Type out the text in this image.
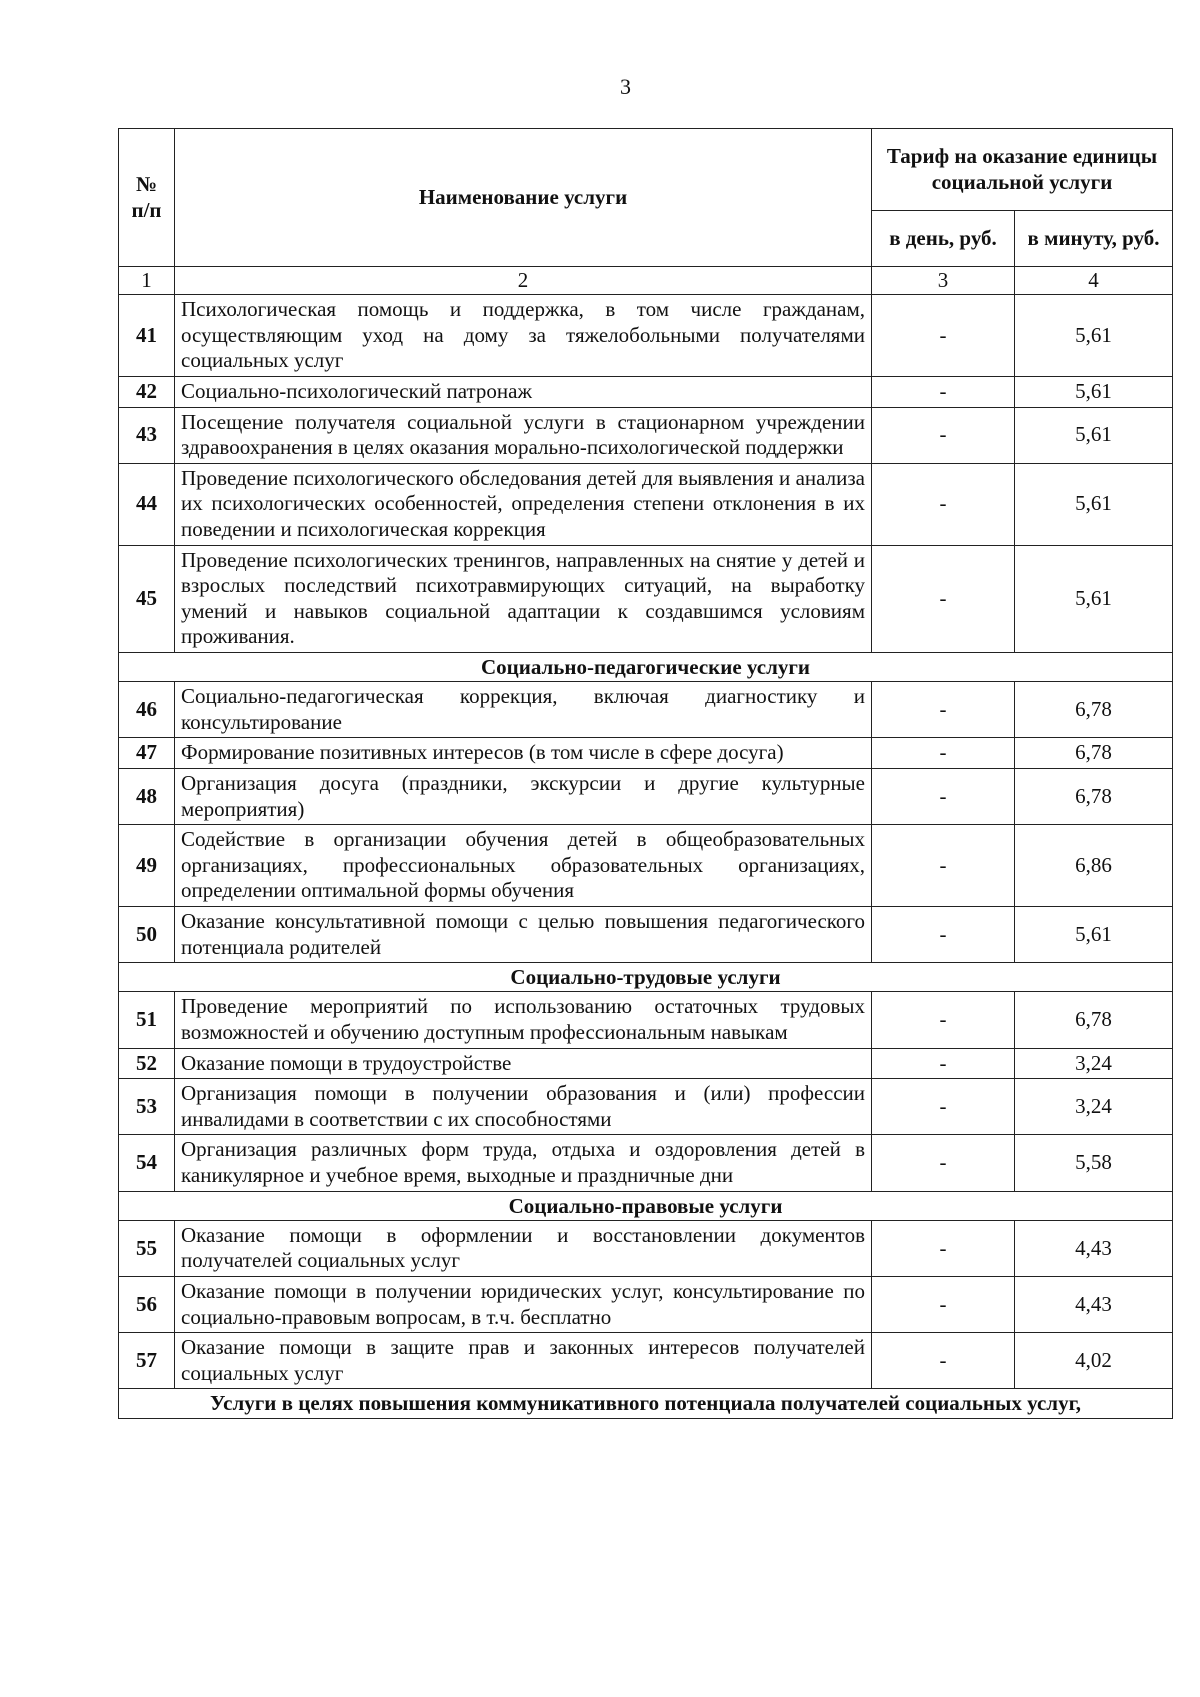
3
№ п/п	Наименование услуги	Тариф на оказание единицы социальной услуги	
		в день, руб.	в минуту, руб.
1	2	3	4
41	Психологическая помощь и поддержка, в том числе гражданам, осуществляющим уход на дому за тяжелобольными получателями социальных услуг	-	5,61
42	Социально-психологический патронаж	-	5,61
43	Посещение получателя социальной услуги в стационарном учреждении здравоохранения в целях оказания морально-психологической поддержки	-	5,61
44	Проведение психологического обследования детей для выявления и анализа их психологических особенностей, определения степени отклонения в их поведении и психологическая коррекция	-	5,61
45	Проведение психологических тренингов, направленных на снятие у детей и взрослых последствий психотравмирующих ситуаций, на выработку умений и навыков социальной адаптации к создавшимся условиям проживания.	-	5,61
Социально-педагогические услуги			
46	Социально-педагогическая коррекция, включая диагностику и консультирование	-	6,78
47	Формирование позитивных интересов (в том числе в сфере досуга)	-	6,78
48	Организация досуга (праздники, экскурсии и другие культурные мероприятия)	-	6,78
49	Содействие в организации обучения детей в общеобразовательных организациях, профессиональных образовательных организациях, определении оптимальной формы обучения	-	6,86
50	Оказание консультативной помощи с целью повышения педагогического потенциала родителей	-	5,61
Социально-трудовые услуги			
51	Проведение мероприятий по использованию остаточных трудовых возможностей и обучению доступным профессиональным навыкам	-	6,78
52	Оказание помощи в трудоустройстве	-	3,24
53	Организация помощи в получении образования и (или) профессии инвалидами в соответствии с их способностями	-	3,24
54	Организация различных форм труда, отдыха и оздоровления детей в каникулярное и учебное время, выходные и праздничные дни	-	5,58
Социально-правовые услуги			
55	Оказание помощи в оформлении и восстановлении документов получателей социальных услуг	-	4,43
56	Оказание помощи в получении юридических услуг, консультирование по социально-правовым вопросам, в т.ч. бесплатно	-	4,43
57	Оказание помощи в защите прав и законных интересов получателей социальных услуг	-	4,02
Услуги в целях повышения коммуникативного потенциала получателей социальных услуг,			
